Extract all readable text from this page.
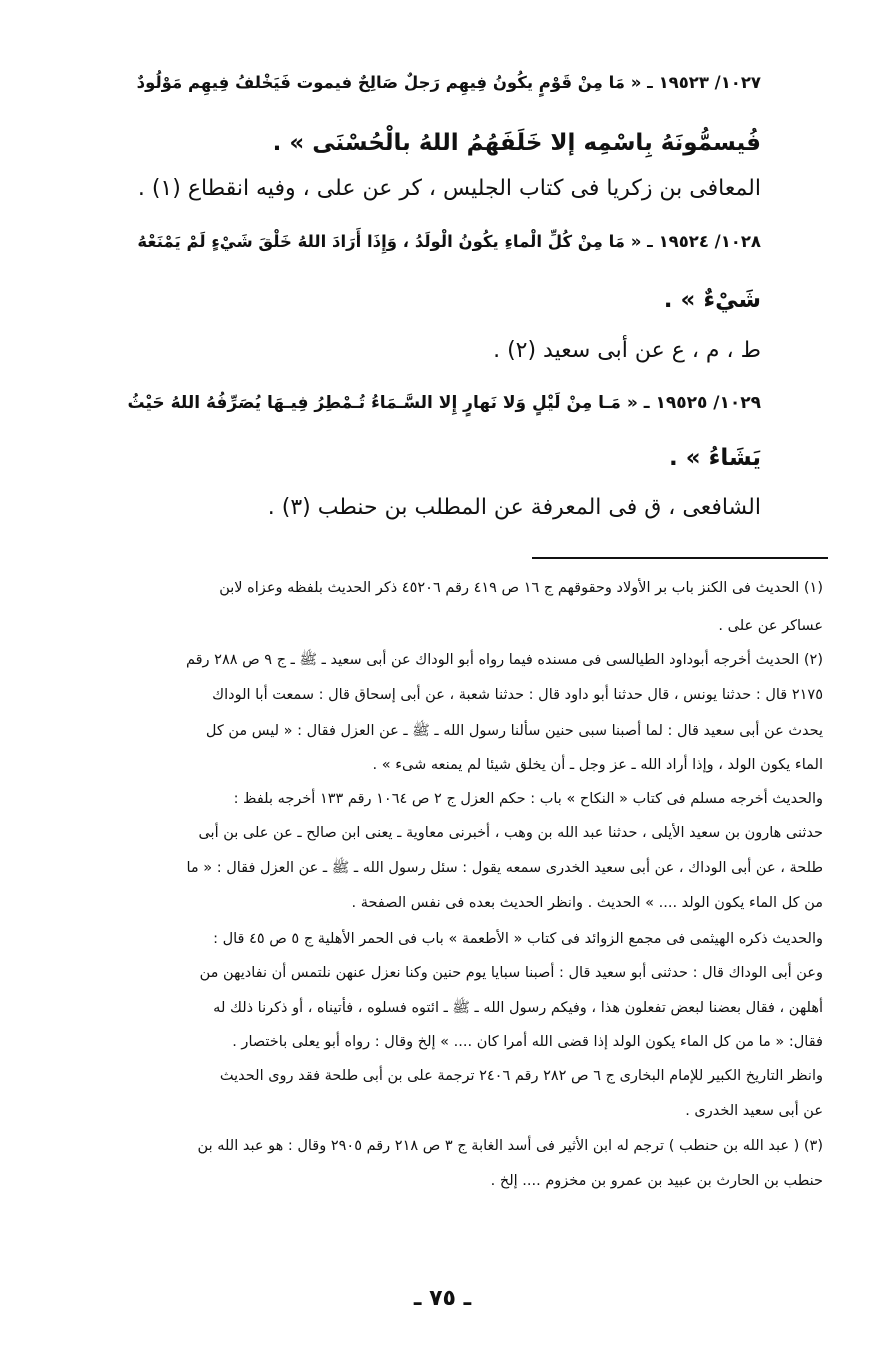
١٠٢٧/ ١٩٥٢٣ ـ « مَا مِنْ قَوْمٍ يكُونُ فِيهِم رَجلٌ صَالِحٌ فيموت فَيَخْلفُ فِيهِم مَوْلُودٌ
فُيسمُّونَهُ بِاسْمِه إلا خَلَفَهُمُ اللهُ بالْحُسْنَى » .
المعافى بن زكريا فى كتاب الجليس ، كر عن على ، وفيه انقطاع (١) .
١٠٢٨/ ١٩٥٢٤ ـ « مَا مِنْ كُلِّ الْماءِ يكُونُ الْولَدُ ، وَإِذَا أَرَادَ اللهُ خَلْقَ شَيْءٍ لَمْ يَمْنَعْهُ
شَيْءٌ » .
ط ، م ، ع عن أبى سعيد (٢) .
١٠٢٩/ ١٩٥٢٥ ـ « مَـا مِنْ لَيْلٍ وَلا نَهارٍ إِلا السَّـمَاءُ تُـمْطِرُ فِيـهَا يُصَرِّفُهُ اللهُ حَيْثُ
يَشَاءُ » .
الشافعى ، ق فى المعرفة عن المطلب بن حنطب (٣) .
(١) الحديث فى الكنز باب بر الأولاد وحقوقهم ج ١٦ ص ٤١٩ رقم ٤٥٢٠٦ ذكر الحديث بلفظه وعزاه لابن
عساكر عن على .
(٢) الحديث أخرجه أبوداود الطيالسى فى مسنده فيما رواه أبو الوداك عن أبى سعيد ـ ﷺ ـ ج ٩ ص ٢٨٨ رقم
٢١٧٥ قال : حدثنا يونس ، قال حدثنا أبو داود قال : حدثنا شعبة ، عن أبى إسحاق قال : سمعت أبا الوداك
يحدث عن أبى سعيد قال : لما أصبنا سبى حنين سألنا رسول الله ـ ﷺ ـ عن العزل فقال : « ليس من كل
الماء يكون الولد ، وإذا أراد الله ـ عز وجل ـ أن يخلق شيئا لم يمنعه شىء » .
والحديث أخرجه مسلم فى كتاب « النكاح » باب : حكم العزل ج ٢ ص ١٠٦٤ رقم ١٣٣ أخرجه بلفظ :
حدثنى هارون بن سعيد الأيلى ، حدثنا عبد الله بن وهب ، أخبرنى معاوية ـ يعنى ابن صالح ـ عن على بن أبى
طلحة ، عن أبى الوداك ، عن أبى سعيد الخدرى سمعه يقول : سئل رسول الله ـ ﷺ ـ عن العزل فقال : « ما
من كل الماء يكون الولد .... » الحديث . وانظر الحديث بعده فى نفس الصفحة .
والحديث ذكره الهيثمى فى مجمع الزوائد فى كتاب « الأطعمة » باب فى الحمر الأهلية ج ٥ ص ٤٥ قال :
وعن أبى الوداك قال : حدثنى أبو سعيد قال : أصبنا سبايا يوم حنين وكنا نعزل عنهن نلتمس أن نفاديهن من
أهلهن ، فقال بعضنا لبعض تفعلون هذا ، وفيكم رسول الله ـ ﷺ ـ ائتوه فسلوه ، فأتيناه ، أو ذكرنا ذلك له
فقال: « ما من كل الماء يكون الولد إذا قضى الله أمرا كان .... » إلخ وقال : رواه أبو يعلى باختصار .
وانظر التاريخ الكبير للإمام البخارى ج ٦ ص ٢٨٢ رقم ٢٤٠٦ ترجمة على بن أبى طلحة فقد روى الحديث
عن أبى سعيد الخدرى .
(٣) ( عبد الله بن حنطب ) ترجم له ابن الأثير فى أسد الغابة ج ٣ ص ٢١٨ رقم ٢٩٠٥ وقال : هو عبد الله بن
حنطب بن الحارث بن عبيد بن عمرو بن مخزوم .... إلخ .
ـ ٧٥ ـ
